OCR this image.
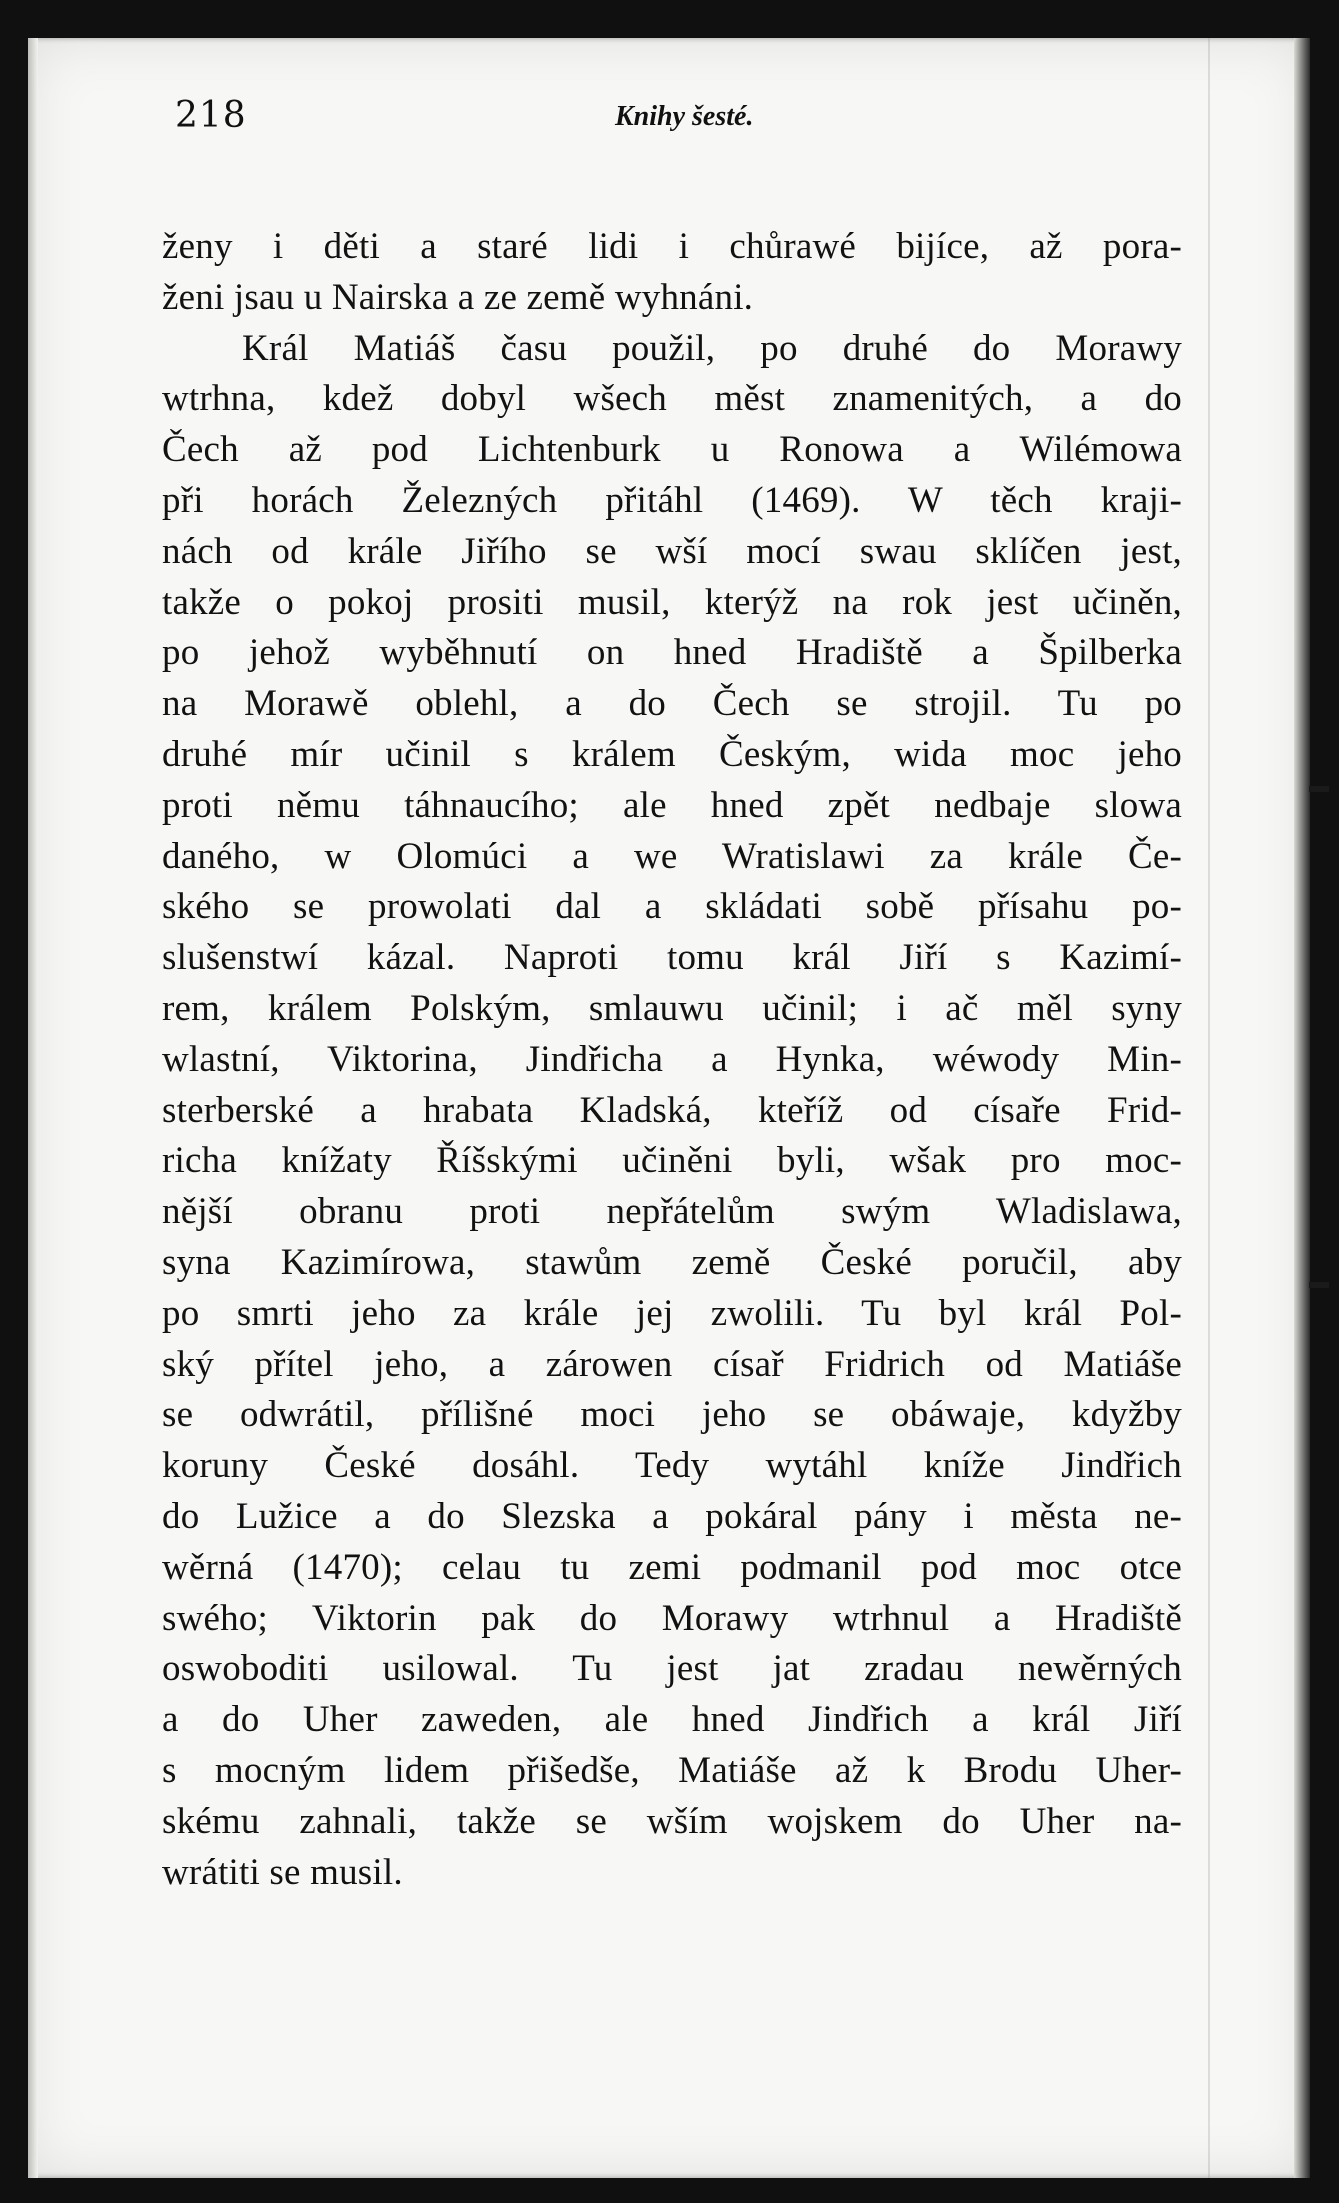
218	Knihy šesté.
ženy i děti a staré lidi i chůrawé bijíce, až pora-
ženi jsau u Nairska a ze země wyhnáni.
Král Matiáš času použil, po druhé do Morawy
wtrhna, kdež dobyl wšech měst znamenitých, a do
Čech až pod Lichtenburk u Ronowa a Wilémowa
při horách Železných přitáhl (1469). W těch kraji-
nách od krále Jiřího se wší mocí swau sklíčen jest,
takže o pokoj prositi musil, kterýž na rok jest učiněn,
po jehož wyběhnutí on hned Hradiště a Špilberka
na Morawě oblehl, a do Čech se strojil. Tu po
druhé mír učinil s králem Českým, wida moc jeho
proti němu táhnaucího; ale hned zpět nedbaje slowa
daného, w Olomúci a we Wratislawi za krále Če-
ského se prowolati dal a skládati sobě přísahu po-
slušenstwí kázal. Naproti tomu král Jiří s Kazimí-
rem, králem Polským, smlauwu učinil; i ač měl syny
wlastní, Viktorina, Jindřicha a Hynka, wéwody Min-
sterberské a hrabata Kladská, kteříž od císaře Frid-
richa knížaty Říšskými učiněni byli, wšak pro moc-
nější obranu proti nepřátelům swým Wladislawa,
syna Kazimírowa, stawům země České poručil, aby
po smrti jeho za krále jej zwolili. Tu byl král Pol-
ský přítel jeho, a zárowen císař Fridrich od Matiáše
se odwrátil, přílišné moci jeho se obáwaje, kdyžby
koruny České dosáhl. Tedy wytáhl kníže Jindřich
do Lužice a do Slezska a pokáral pány i města ne-
wěrná (1470); celau tu zemi podmanil pod moc otce
swého; Viktorin pak do Morawy wtrhnul a Hradiště
oswoboditi usilowal. Tu jest jat zradau newěrných
a do Uher zaweden, ale hned Jindřich a král Jiří
s mocným lidem přišedše, Matiáše až k Brodu Uher-
skému zahnali, takže se wším wojskem do Uher na-
wrátiti se musil.
